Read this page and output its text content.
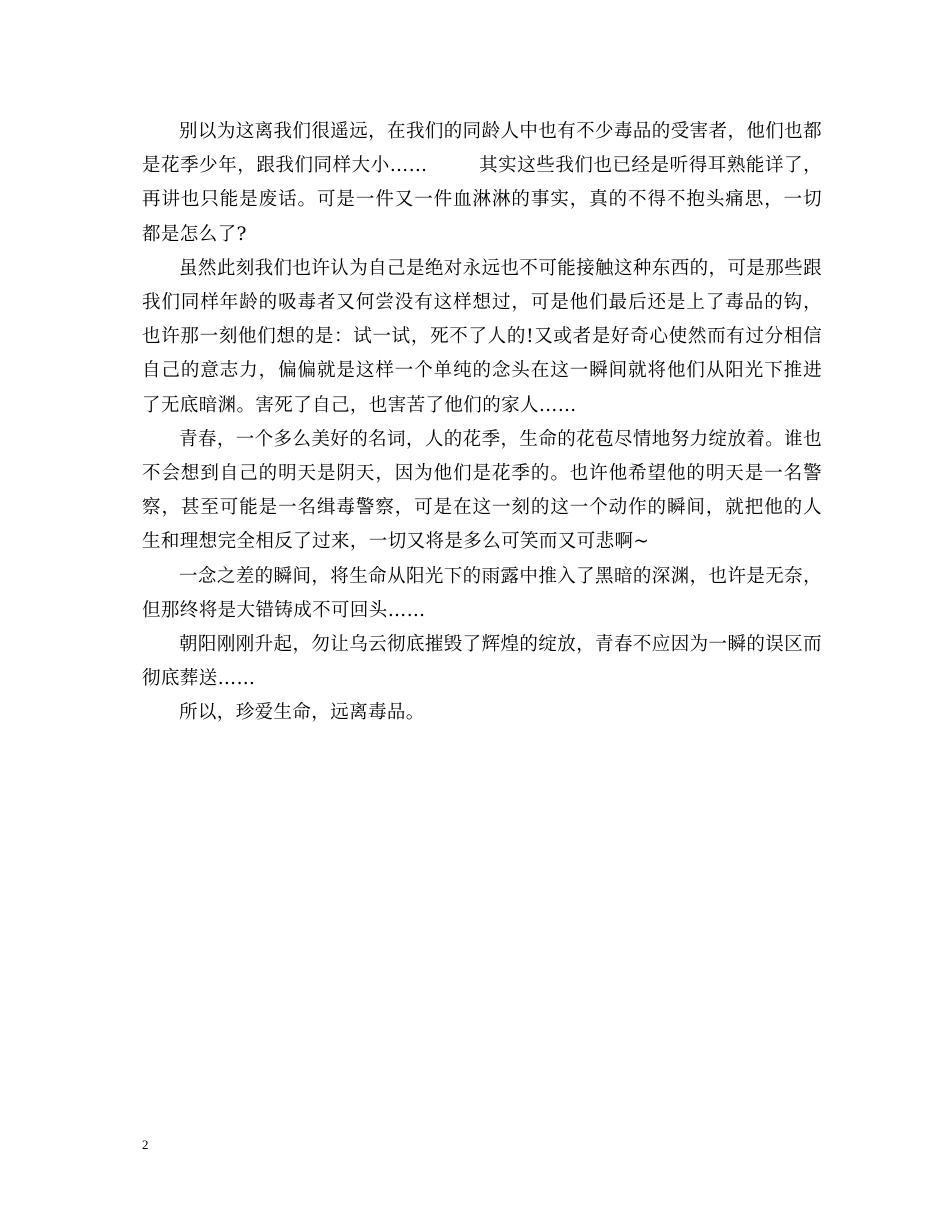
别以为这离我们很遥远，在我们的同龄人中也有不少毒品的受害者，他们也都是花季少年，跟我们同样大小……        其实这些我们也已经是听得耳熟能详了，再讲也只能是废话。可是一件又一件血淋淋的事实，真的不得不抱头痛思，一切都是怎么了?

虽然此刻我们也许认为自己是绝对永远也不可能接触这种东西的，可是那些跟我们同样年龄的吸毒者又何尝没有这样想过，可是他们最后还是上了毒品的钩，也许那一刻他们想的是：试一试，死不了人的!又或者是好奇心使然而有过分相信自己的意志力，偏偏就是这样一个单纯的念头在这一瞬间就将他们从阳光下推进了无底暗渊。害死了自己，也害苦了他们的家人……

青春，一个多么美好的名词，人的花季，生命的花苞尽情地努力绽放着。谁也不会想到自己的明天是阴天，因为他们是花季的。也许他希望他的明天是一名警察，甚至可能是一名缉毒警察，可是在这一刻的这一个动作的瞬间，就把他的人生和理想完全相反了过来，一切又将是多么可笑而又可悲啊~

一念之差的瞬间，将生命从阳光下的雨露中推入了黑暗的深渊，也许是无奈，但那终将是大错铸成不可回头……

朝阳刚刚升起，勿让乌云彻底摧毁了辉煌的绽放，青春不应因为一瞬的误区而彻底葬送……

所以，珍爱生命，远离毒品。

2
